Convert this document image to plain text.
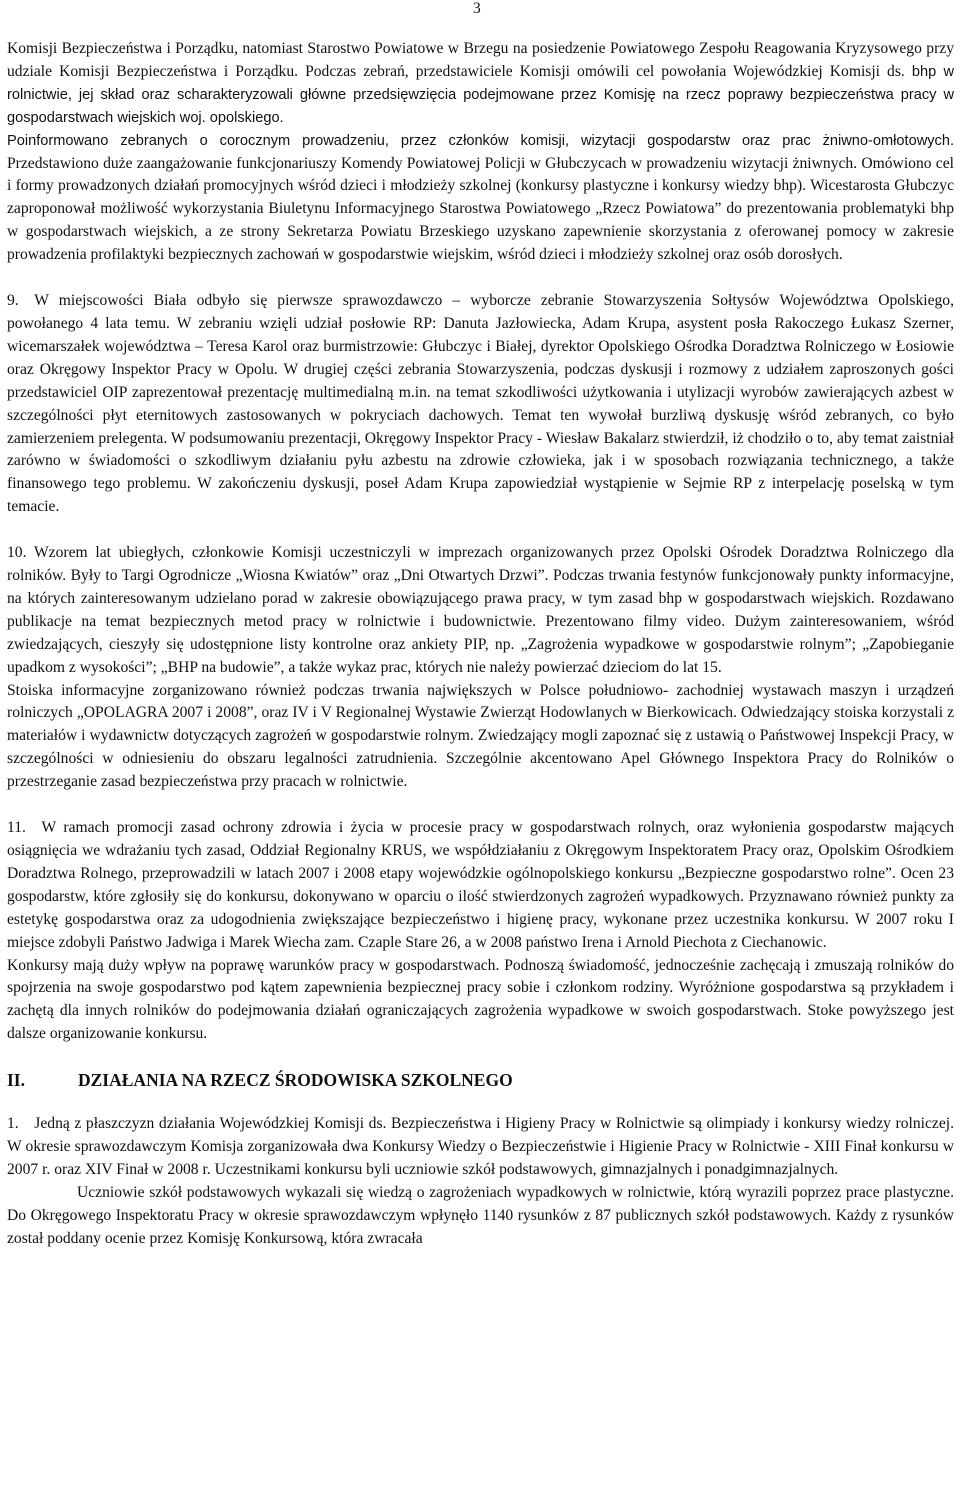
3

Komisji Bezpieczeństwa i Porządku, natomiast Starostwo Powiatowe w Brzegu na posiedzenie Powiatowego Zespołu Reagowania Kryzysowego przy udziale Komisji Bezpieczeństwa i Porządku. Podczas zebrań, przedstawiciele Komisji omówili cel powołania Wojewódzkiej Komisji ds. bhp w rolnictwie, jej skład oraz scharakteryzowali główne przedsięwzięcia podejmowane przez Komisję na rzecz poprawy bezpieczeństwa pracy w gospodarstwach wiejskich woj. opolskiego.

Poinformowano zebranych o corocznym prowadzeniu, przez członków komisji, wizytacji gospodarstw oraz prac żniwno-omłotowych. Przedstawiono duże zaangażowanie funkcjonariuszy Komendy Powiatowej Policji w Głubczycach w prowadzeniu wizytacji żniwnych. Omówiono cel i formy prowadzonych działań promocyjnych wśród dzieci i młodzieży szkolnej (konkursy plastyczne i konkursy wiedzy bhp). Wicestarosta Głubczyc zaproponował możliwość wykorzystania Biuletynu Informacyjnego Starostwa Powiatowego „Rzecz Powiatowa” do prezentowania problematyki bhp w gospodarstwach wiejskich, a ze strony Sekretarza Powiatu Brzeskiego uzyskano zapewnienie skorzystania z oferowanej pomocy w zakresie prowadzenia profilaktyki bezpiecznych zachowań w gospodarstwie wiejskim, wśród dzieci i młodzieży szkolnej oraz osób dorosłych.

9. W miejscowości Biała odbyło się pierwsze sprawozdawczo – wyborcze zebranie Stowarzyszenia Sołtysów Województwa Opolskiego, powołanego 4 lata temu. W zebraniu wzięli udział posłowie RP: Danuta Jazłowiecka, Adam Krupa, asystent posła Rakoczego Łukasz Szerner, wicemarszałek województwa – Teresa Karol oraz burmistrzowie: Głubczyc i Białej, dyrektor Opolskiego Ośrodka Doradztwa Rolniczego w Łosiowie oraz Okręgowy Inspektor Pracy w Opolu. W drugiej części zebrania Stowarzyszenia, podczas dyskusji i rozmowy z udziałem zaproszonych gości przedstawiciel OIP zaprezentował prezentację multimedialną m.in. na temat szkodliwości użytkowania i utylizacji wyrobów zawierających azbest w szczególności płyt eternitowych zastosowanych w pokryciach dachowych. Temat ten wywołał burzliwą dyskusję wśród zebranych, co było zamierzeniem prelegenta. W podsumowaniu prezentacji, Okręgowy Inspektor Pracy - Wiesław Bakalarz stwierdził, iż chodziło o to, aby temat zaistniał zarówno w świadomości o szkodliwym działaniu pyłu azbestu na zdrowie człowieka, jak i w sposobach rozwiązania technicznego, a także finansowego tego problemu. W zakończeniu dyskusji, poseł Adam Krupa zapowiedział wystąpienie w Sejmie RP z interpelację poselską w tym temacie.

10. Wzorem lat ubiegłych, członkowie Komisji uczestniczyli w imprezach organizowanych przez Opolski Ośrodek Doradztwa Rolniczego dla rolników. Były to Targi Ogrodnicze „Wiosna Kwiatów” oraz „Dni Otwartych Drzwi”. Podczas trwania festynów funkcjonowały punkty informacyjne, na których zainteresowanym udzielano porad w zakresie obowiązującego prawa pracy, w tym zasad bhp w gospodarstwach wiejskich. Rozdawano publikacje na temat bezpiecznych metod pracy w rolnictwie i budownictwie. Prezentowano filmy video. Dużym zainteresowaniem, wśród zwiedzających, cieszyły się udostępnione listy kontrolne oraz ankiety PIP, np. „Zagrożenia wypadkowe w gospodarstwie rolnym”; „Zapobieganie upadkom z wysokości”; „BHP na budowie”, a także wykaz prac, których nie należy powierzać dzieciom do lat 15.

Stoiska informacyjne zorganizowano również podczas trwania największych w Polsce południowo- zachodniej wystawach maszyn i urządzeń rolniczych „OPOLAGRA 2007 i 2008”, oraz IV i V Regionalnej Wystawie Zwierząt Hodowlanych w Bierkowicach. Odwiedzający stoiska korzystali z materiałów i wydawnictw dotyczących zagrożeń w gospodarstwie rolnym. Zwiedzający mogli zapoznać się z ustawią o Państwowej Inspekcji Pracy, w szczególności w odniesieniu do obszaru legalności zatrudnienia. Szczególnie akcentowano Apel Głównego Inspektora Pracy do Rolników o przestrzeganie zasad bezpieczeństwa przy pracach w rolnictwie.

11. W ramach promocji zasad ochrony zdrowia i życia w procesie pracy w gospodarstwach rolnych, oraz wyłonienia gospodarstw mających osiągnięcia we wdrażaniu tych zasad, Oddział Regionalny KRUS, we współdziałaniu z Okręgowym Inspektoratem Pracy oraz, Opolskim Ośrodkiem Doradztwa Rolnego, przeprowadzili w latach 2007 i 2008 etapy wojewódzkie ogólnopolskiego konkursu „Bezpieczne gospodarstwo rolne”. Ocen 23 gospodarstw, które zgłosiły się do konkursu, dokonywano w oparciu o ilość stwierdzonych zagrożeń wypadkowych. Przyznawano również punkty za estetykę gospodarstwa oraz za udogodnienia zwiększające bezpieczeństwo i higienę pracy, wykonane przez uczestnika konkursu. W 2007 roku I miejsce zdobyli Państwo Jadwiga i Marek Wiecha zam. Czaple Stare 26, a w 2008 państwo Irena i Arnold Piechota z Ciechanowic.

Konkursy mają duży wpływ na poprawę warunków pracy w gospodarstwach. Podnoszą świadomość, jednocześnie zachęcają i zmuszają rolników do spojrzenia na swoje gospodarstwo pod kątem zapewnienia bezpiecznej pracy sobie i członkom rodziny. Wyróżnione gospodarstwa są przykładem i zachętą dla innych rolników do podejmowania działań ograniczających zagrożenia wypadkowe w swoich gospodarstwach. Stoke powyższego jest dalsze organizowanie konkursu.

II.	DZIAŁANIA NA RZECZ ŚRODOWISKA SZKOLNEGO

1. Jedną z płaszczyzn działania Wojewódzkiej Komisji ds. Bezpieczeństwa i Higieny Pracy w Rolnictwie są olimpiady i konkursy wiedzy rolniczej. W okresie sprawozdawczym Komisja zorganizowała dwa Konkursy Wiedzy o Bezpieczeństwie i Higienie Pracy w Rolnictwie - XIII Finał konkursu w 2007 r. oraz XIV Finał w 2008 r. Uczestnikami konkursu byli uczniowie szkół podstawowych, gimnazjalnych i ponadgimnazjalnych.

Uczniowie szkół podstawowych wykazali się wiedzą o zagrożeniach wypadkowych w rolnictwie, którą wyrazili poprzez prace plastyczne. Do Okręgowego Inspektoratu Pracy w okresie sprawozdawczym wpłynęło 1140 rysunków z 87 publicznych szkół podstawowych. Każdy z rysunków został poddany ocenie przez Komisję Konkursową, która zwracała
